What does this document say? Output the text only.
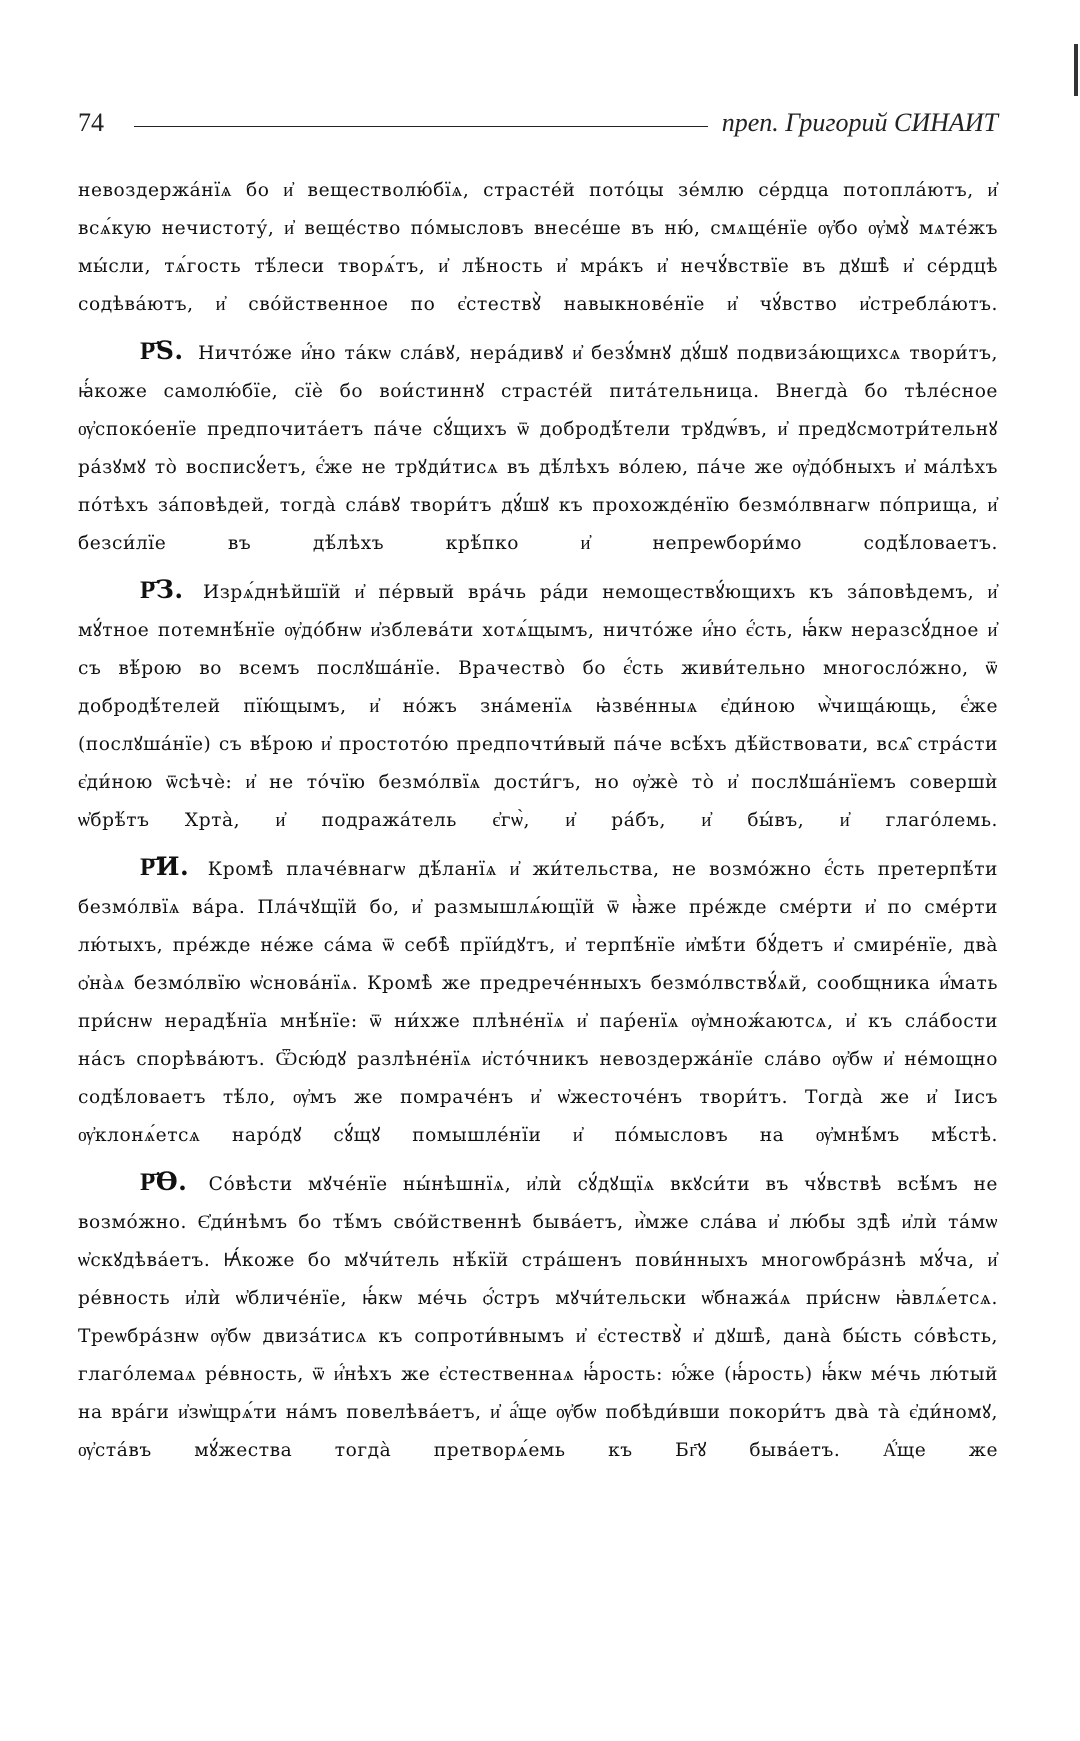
74	преп. Григорий СИНАИТ

невоздержа́нїѧ бо и҆ веществолю́бїѧ, страсте́й пото́цы зе́млю се́рдца потопла́ютъ, и҆ всѧ́кую нечистоту́, и҆ веще́ство по́мысловъ внесе́ше въ ню́, смѧще́нїе ѹ҆бо ѹ҆мꙋ̀ мѧте́жъ мы́сли, тѧ́гость тѣ́леси творѧ́тъ, и҆ лѣ́ность и҆ мра́къ и҆ нечꙋ́вствїе въ дꙋшѣ̀ и҆ се́рдцѣ содѣва́ютъ, и҆ сво́йственное по є҆стествꙋ̀ навыкнове́нїе и҆ чꙋ́вство и҆стребла́ютъ.

Р҃Ѕ. Ничто́же и҆́но та́кѡ сла́вꙋ, нера́дивꙋ и҆ безꙋ́мнꙋ дꙋ́шꙋ подвиза́ющихсѧ твори́тъ, ꙗ҆́коже самолю́бїе, сїѐ бо вои́стиннꙋ страсте́й пита́тельница. Внегда̀ бо тѣле́сное ѹ҆споко́енїе предпочита́етъ па́че сꙋ́щихъ ѿ добродѣ́тели трꙋдѡ́въ, и҆ предꙋсмотри́тельнꙋ ра́зꙋмꙋ то̀ восписꙋ́етъ, є҆́же не трꙋди́тисѧ въ дѣ́лѣхъ во́лею, па́че же ѹ҆до́бныхъ и҆ ма́лѣхъ по́тѣхъ за́повѣдей, тогда̀ сла́вꙋ твори́тъ дꙋ́шꙋ къ прохожде́нїю безмо́лвнагѡ по́прища, и҆ безси́лїе въ дѣ́лѣхъ крѣ́пко и҆ непреѡбори́мо содѣ́ловаетъ.

Р҃З. Изрѧ́днѣйшїй и҆ пе́рвый вра́чь ра́ди немоществꙋ́ющихъ къ за́повѣдемъ, и҆ мꙋ́тное потемнѣ́нїе ѹ҆до́бнѡ и҆зблева́ти хотѧ́щымъ, ничто́же и҆́но є҆́сть, ꙗ҆́кѡ неразсꙋ́дное и҆ съ вѣ́рою во всемъ послꙋша́нїе. Врачество̀ бо є҆́сть живи́тельно многосло́жно, ѿ добродѣ́телей пїю́щымъ, и҆ но́жъ зна́менїѧ ꙗ҆зве́нныѧ є҆ди́ною ѡ҆̀чища́ющь, є҆́же (послꙋша́нїе) съ вѣ́рою и҆ простото́ю предпочти́вый па́че всѣ́хъ дѣ́йствовати, всѧ̑ стра́сти є҆ди́ною ѿсѣчѐ: и҆ не то́чїю безмо́лвїѧ дости́гъ, но ѹ҆жѐ то̀ и҆ послꙋша́нїемъ совершѝ ѡ҆брѣ́тъ Хрта̀, и҆ подража́тель є҆гѡ̀, и҆ ра́бъ, и҆ бы́въ, и҆ глаго́лемь.

Р҃И. Кромѣ̀ плаче́внагѡ дѣ́ланїѧ и҆ жи́тельства, не возмо́жно є҆́сть претерпѣ́ти безмо́лвїѧ ва́ра. Пла́чꙋщїй бо, и҆ размышлѧ́ющїй ѿ ꙗ҆̀же пре́жде сме́рти и҆ по сме́рти лю́тыхъ, пре́жде не́же са́ма ѿ себѣ̀ прїи́дꙋтъ, и҆ терпѣ́нїе и҆мѣ́ти бꙋ́детъ и҆ смире́нїе, два̀ ѻ҆на̀ѧ безмо́лвїю ѡ҆снова́нїѧ. Кромѣ̀ же предрече́нныхъ безмо́лвствꙋ́ѧй, сообщника и҆́мать при́снѡ нерадѣ́нїа мнѣ́нїе: ѿ ни́хже плѣне́нїѧ и҆ пар́енїѧ ѹ҆множ́аютсѧ, и҆ къ сла́бости на́съ спорѣва́ютъ. Ѿсю́дꙋ разлѣне́нїѧ и҆сто́чникъ невоздержа́нїе сла́во ѹ҆бѡ и҆ не́мощно содѣ́ловаетъ тѣ́ло, ѹ҆мъ же помраче́нъ и҆ ѡ҆жесточе́нъ твори́тъ. Тогда̀ же и҆ Іисъ ѹ҆клонѧ́етсѧ наро́дꙋ сꙋ́щꙋ помышле́нїи и҆ по́мысловъ на ѹ҆мнѣ́мъ мѣ́стѣ.

Р҃Ѳ. Со́вѣсти мꙋче́нїе ны́нѣшнїѧ, и҆лѝ сꙋ́дꙋщїѧ вкꙋси́ти въ чꙋ́вствѣ всѣ́мъ не возмо́жно. Є҆ди́нѣмъ бо тѣ́мъ сво́йственнѣ быва́етъ, и҆̀мже сла́ва и҆ лю́бы здѣ̀ и҆лѝ та́мѡ ѡ҆скꙋдѣва́етъ. Ꙗ҆́коже бо мꙋчи́тель нѣ́кїй стра́шенъ пови́нныхъ многоѡбра́знѣ мꙋ́ча, и҆ ре́вность и҆лѝ ѡ҆бличе́нїе, ꙗ҆́кѡ ме́чь ѻ҆́стръ мꙋчи́тельски ѡ҆бнажа́ѧ при́снѡ ꙗ҆влѧ́етсѧ. Треѡбра́знѡ ѹ҆бѡ двиза́тисѧ къ сопроти́внымъ и҆ є҆стествꙋ̀ и҆ дꙋшѣ̀, дана̀ бы́сть со́вѣсть, глаго́лемаѧ ре́вность, ѿ и҆́нѣхъ же є҆стественнаѧ ꙗ҆́рость: ю҆́же (ꙗ҆́рость) ꙗ҆́кѡ ме́чь лю́тый на вра́ги и҆зѡ҆щрѧ́ти на́мъ повелѣва́етъ, и҆ а҆́ще ѹ҆бѡ побѣди́вши покори́тъ два̀ та̀ є҆ди́номꙋ, ѹ҆ста́въ мꙋ́жества тогда̀ претворѧ́емь къ Бг҃ꙋ быва́етъ. А҆́ще же
